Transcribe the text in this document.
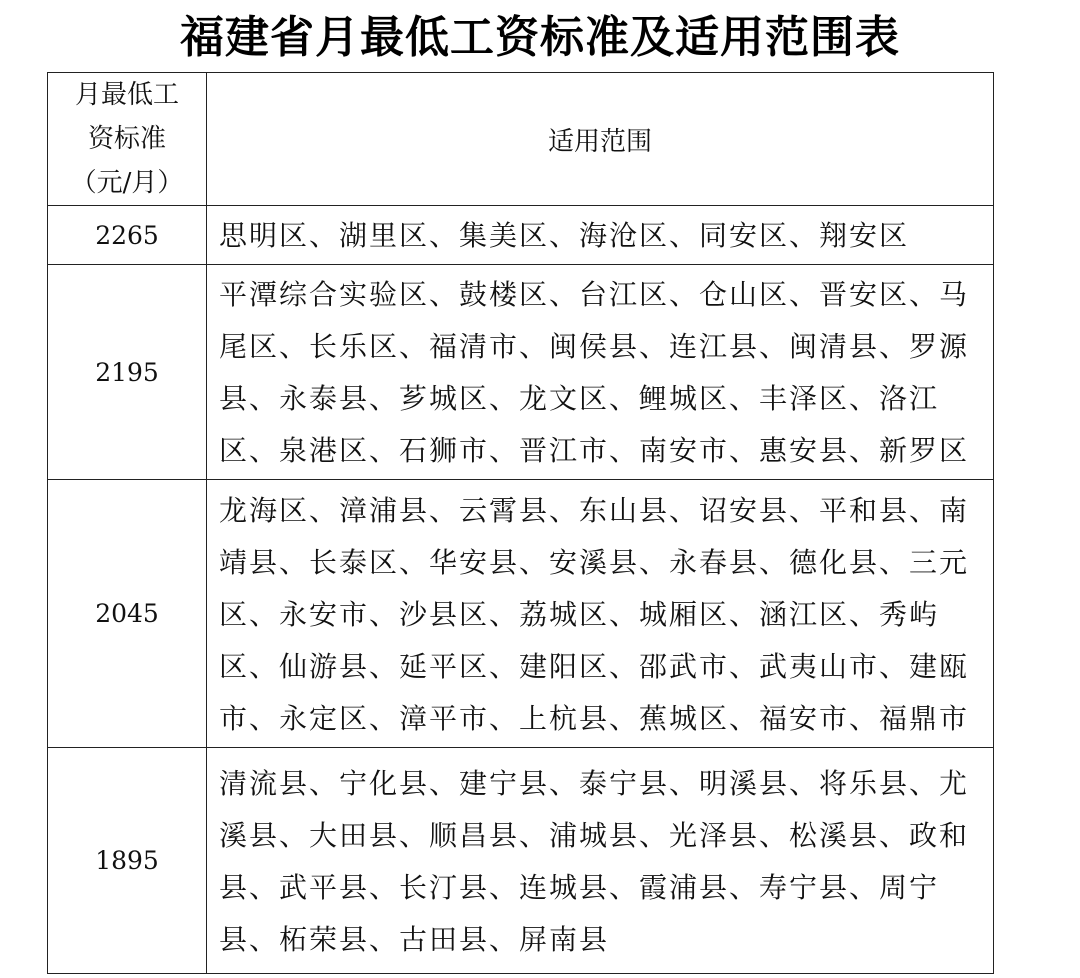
福建省月最低工资标准及适用范围表
月最低工
资标准
（元/月）	适用范围
2265	思明区、湖里区、集美区、海沧区、同安区、翔安区
2195	平潭综合实验区、鼓楼区、台江区、仓山区、晋安区、马尾区、长乐区、福清市、闽侯县、连江县、闽清县、罗源县、永泰县、芗城区、龙文区、鲤城区、丰泽区、洛江区、泉港区、石狮市、晋江市、南安市、惠安县、新罗区
2045	龙海区、漳浦县、云霄县、东山县、诏安县、平和县、南靖县、长泰区、华安县、安溪县、永春县、德化县、三元区、永安市、沙县区、荔城区、城厢区、涵江区、秀屿区、仙游县、延平区、建阳区、邵武市、武夷山市、建瓯市、永定区、漳平市、上杭县、蕉城区、福安市、福鼎市
1895	清流县、宁化县、建宁县、泰宁县、明溪县、将乐县、尤溪县、大田县、顺昌县、浦城县、光泽县、松溪县、政和县、武平县、长汀县、连城县、霞浦县、寿宁县、周宁县、柘荣县、古田县、屏南县
